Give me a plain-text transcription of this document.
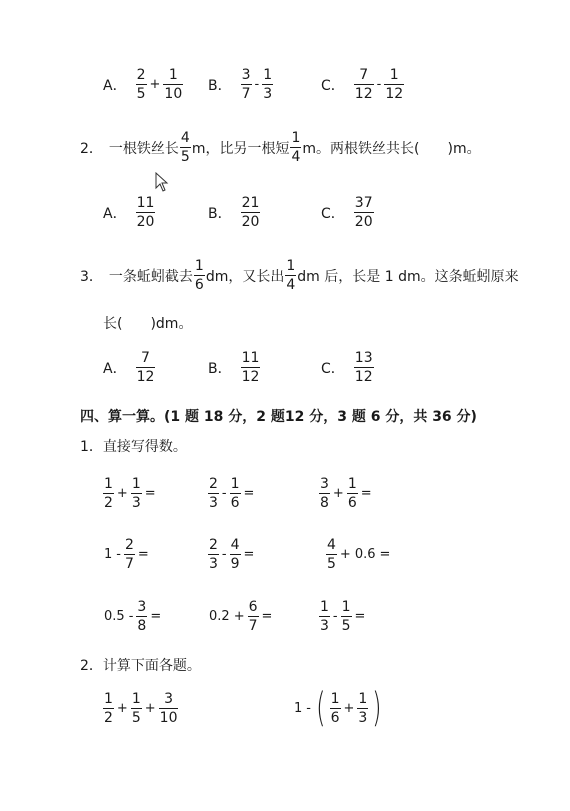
A． $\frac{2}{5} + \frac{1}{10}$ B． $\frac{3}{7} - \frac{1}{3}$	C． $\frac{7}{12} - \frac{1}{12}$
2． 一根铁丝长 $\frac{4}{5}$ m，比另一根短 $\frac{1}{4}$ m。两根铁丝共长(　　)m。
A． $\frac{11}{20}$	B． $\frac{21}{20}$	C． $\frac{37}{20}$
3． 一条蚯蚓截去 $\frac{1}{6}$ dm，又长出 $\frac{1}{4}$ dm 后，长是 1 dm。这条蚯蚓原来
长(　　)dm。
A． $\frac{7}{12}$	B． $\frac{11}{12}$	C． $\frac{13}{12}$
四、算一算。(1 题 18 分，2 题12 分，3 题 6 分，共 36 分)
1．直接写得数。
$\frac{1}{2} + \frac{1}{3}$ =	$\frac{2}{3} - \frac{1}{6}$ =	$\frac{3}{8} + \frac{1}{6}$ =
$1 - \frac{2}{7}$ =	$\frac{2}{3} - \frac{4}{9}$ =	$\frac{4}{5} + 0.6$ =
$0.5 - \frac{3}{8}$ =	$0.2 + \frac{6}{7}$ =	$\frac{1}{3} - \frac{1}{5}$ =
2．计算下面各题。
$\frac{1}{2} + \frac{1}{5} + \frac{3}{10}$	1 - ( $\frac{1}{6} + \frac{1}{3}$ )
